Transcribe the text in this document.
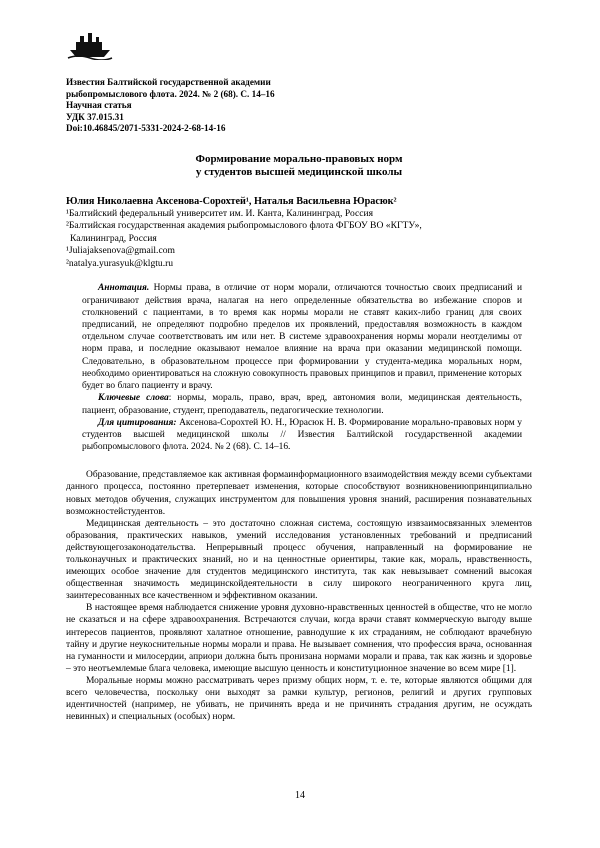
Известия Балтийской государственной академии
рыбопромыслового флота. 2024. № 2 (68). С. 14–16
Научная статья
УДК 37.015.31
Doi:10.46845/2071-5331-2024-2-68-14-16
Формирование морально-правовых норм
у студентов высшей медицинской школы
Юлия Николаевна Аксенова-Сорохтей¹, Наталья Васильевна Юрасюк²
¹Балтийский федеральный университет им. И. Канта, Калининград, Россия
²Балтийская государственная академия рыбопромыслового флота ФГБОУ ВО «КГТУ»,
Калининград, Россия
¹Juliajaksenova@gmail.com
²natalya.yurasyuk@klgtu.ru

Аннотация. Нормы права, в отличие от норм морали, отличаются точностью своих предписаний и ограничивают действия врача, налагая на него определенные обязательства во избежание споров и столкновений с пациентами, в то время как нормы морали не ставят каких-либо границ для своих предписаний, не определяют подробно пределов их проявлений, предоставляя возможность в каждом отдельном случае соответствовать им или нет. В системе здравоохранения нормы морали неотделимы от норм права, и последние оказывают немалое влияние на врача при оказании медицинской помощи. Следовательно, в образовательном процессе при формировании у студента-медика моральных норм, необходимо ориентироваться на сложную совокупность правовых принципов и правил, применение которых будет во благо пациенту и врачу.

Ключевые слова: нормы, мораль, право, врач, вред, автономия воли, медицинская деятельность, пациент, образование, студент, преподаватель, педагогические технологии.

Для цитирования: Аксенова-Сорохтей Ю. Н., Юрасюк Н. В. Формирование морально-правовых норм у студентов высшей медицинской школы // Известия Балтийской государственной академии рыбопромыслового флота. 2024. № 2 (68). С. 14–16.

Образование, представляемое как активная формаинформационного взаимодействия между всеми субъектами данного процесса, постоянно претерпевает изменения, которые способствуют возникновениюпринципиально новых методов обучения, служащих инструментом для повышения уровня знаний, расширения познавательных возможностейстудентов.

Медицинская деятельность – это достаточно сложная система, состоящую извзаимосвязанных элементов образования, практических навыков, умений исследования установленных требований и предписаний действующегозаконодательства. Непрерывный процесс обучения, направленный на формирование не тольконаучных и практических знаний, но и на ценностные ориентиры, такие как, мораль, нравственность, имеющих особое значение для студентов медицинского института, так как невызывает сомнений высокая общественная значимость медицинскойдеятельности в силу широкого неограниченного круга лиц, заинтересованных все качественном и эффективном оказании.

В настоящее время наблюдается снижение уровня духовно-нравственных ценностей в обществе, что не могло не сказаться и на сфере здравоохранения. Встречаются случаи, когда врачи ставят коммерческую выгоду выше интересов пациентов, проявляют халатное отношение, равнодушие к их страданиям, не соблюдают врачебную тайну и другие неукоснительные нормы морали и права. Не вызывает сомнения, что профессия врача, основанная на гуманности и милосердии, априори должна быть пронизана нормами морали и права, так как жизнь и здоровье – это неотъемлемые блага человека, имеющие высшую ценность и конституционное значение во всем мире [1].

Моральные нормы можно рассматривать через призму общих норм, т. е. те, которые являются общими для всего человечества, поскольку они выходят за рамки культур, регионов, религий и других групповых идентичностей (например, не убивать, не причинять вреда и не причинять страдания другим, не осуждать невинных) и специальных (особых) норм.

14
